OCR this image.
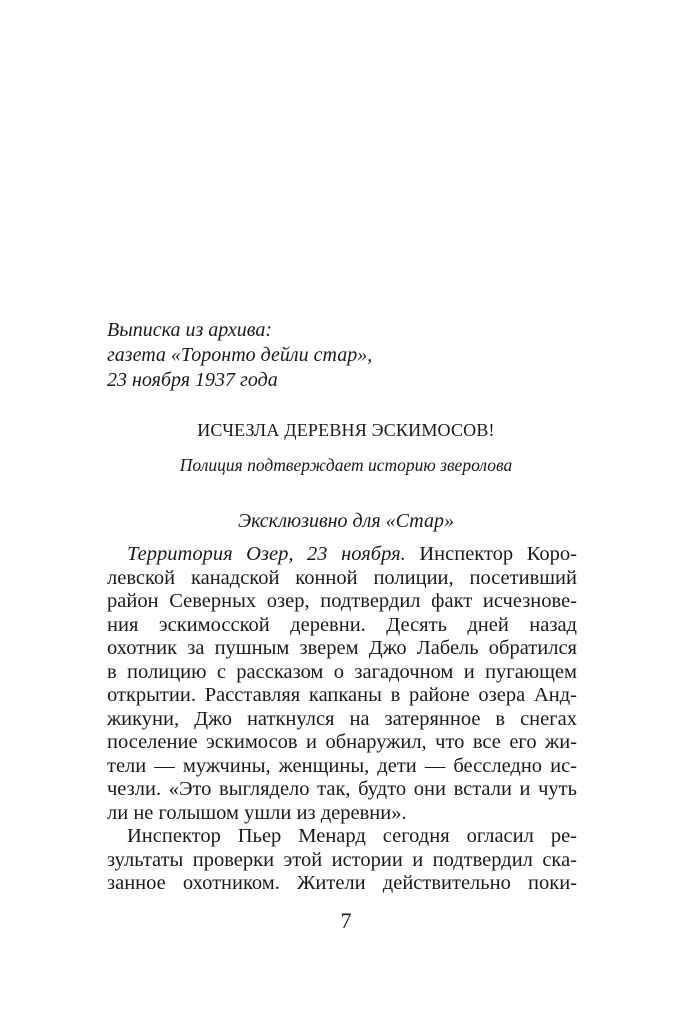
Выписка из архива:
газета «Торонто дейли стар»,
23 ноября 1937 года
ИСЧЕЗЛА ДЕРЕВНЯ ЭСКИМОСОВ!
Полиция подтверждает историю зверолова
Эксклюзивно для «Стар»
Территория Озер, 23 ноября. Инспектор Коро-
левской канадской конной полиции, посетивший
район Северных озер, подтвердил факт исчезнове-
ния эскимосской деревни. Десять дней назад
охотник за пушным зверем Джо Лабель обратился
в полицию с рассказом о загадочном и пугающем
открытии. Расставляя капканы в районе озера Анд-
жикуни, Джо наткнулся на затерянное в снегах
поселение эскимосов и обнаружил, что все его жи-
тели — мужчины, женщины, дети — бесследно ис-
чезли. «Это выглядело так, будто они встали и чуть
ли не голышом ушли из деревни».
Инспектор Пьер Менард сегодня огласил ре-
зультаты проверки этой истории и подтвердил ска-
занное охотником. Жители действительно поки-
7
